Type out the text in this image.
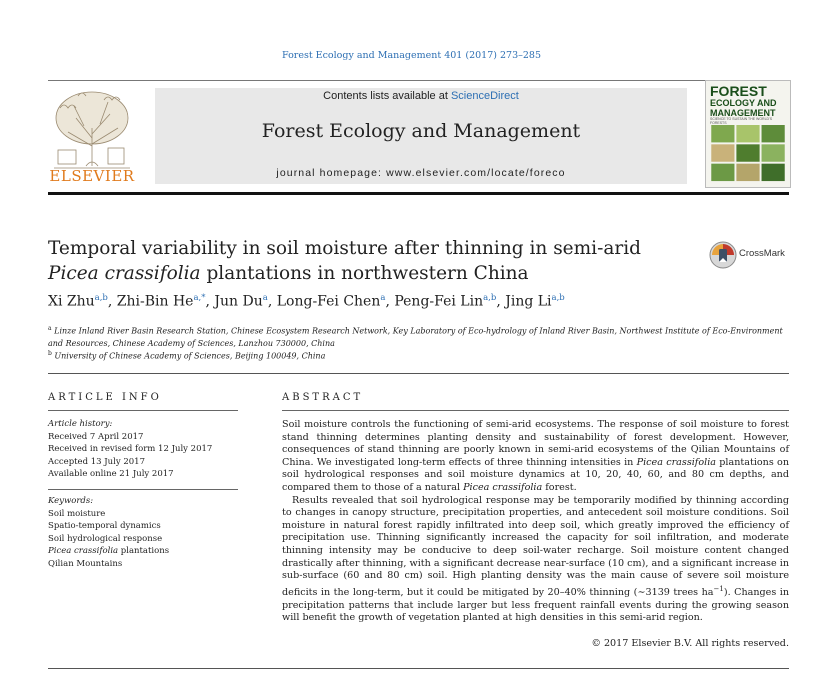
Forest Ecology and Management 401 (2017) 273–285
ELSEVIER
Contents lists available at ScienceDirect
Forest Ecology and Management
journal homepage: www.elsevier.com/locate/foreco
FOREST
ECOLOGY AND
MANAGEMENT
SCIENCE TO SUSTAIN THE WORLD'S FORESTS
Temporal variability in soil moisture after thinning in semi-arid Picea crassifolia plantations in northwestern China
CrossMark
Xi Zhu$^{a,b}$, Zhi-Bin $He^{a,*}$, Jun Du$^a$, Long-Fei Chen$^a$, Peng-Fei Lin$^{a,b}$, Jing Li$^{a,b}$
$^a$ Linze Inland River Basin Research Station, Chinese Ecosystem Research Network, Key Laboratory of Eco-hydrology of Inland River Basin, Northwest Institute of Eco-Environment and Resources, Chinese Academy of Sciences, Lanzhou 730000, China
$^b$ University of Chinese Academy of Sciences, Beijing 100049, China
ARTICLE INFO
Article history:
Received 7 April 2017
Received in revised form 12 July 2017
Accepted 13 July 2017
Available online 21 July 2017
Keywords:
Soil moisture
Spatio-temporal dynamics
Soil hydrological response
Picea crassifolia plantations
Qilian Mountains
ABSTRACT

Soil moisture controls the functioning of semi-arid ecosystems. The response of soil moisture to forest stand thinning determines planting density and sustainability of forest development. However, consequences of stand thinning are poorly known in semi-arid ecosystems of the Qilian Mountains of China. We investigated long-term effects of three thinning intensities in Picea crassifolia plantations on soil hydrological responses and soil moisture dynamics at 10, 20, 40, 60, and 80 cm depths, and compared them to those of a natural Picea crassifolia forest.

Results revealed that soil hydrological response may be temporarily modified by thinning according to changes in canopy structure, precipitation properties, and antecedent soil moisture conditions. Soil moisture in natural forest rapidly infiltrated into deep soil, which greatly improved the efficiency of precipitation use. Thinning significantly increased the capacity for soil infiltration, and moderate thinning intensity may be conducive to deep soil-water recharge. Soil moisture content changed drastically after thinning, with a significant decrease near-surface (10 cm), and a significant increase in sub-surface (60 and 80 cm) soil. High planting density was the main cause of severe soil moisture deficits in the long-term, but it could be mitigated by 20–40% thinning (∼3139 trees $ha^{-1}$). Changes in precipitation patterns that include larger but less frequent rainfall events during the growing season will benefit the growth of vegetation planted at high densities in this semi-arid region.

© 2017 Elsevier B.V. All rights reserved.
